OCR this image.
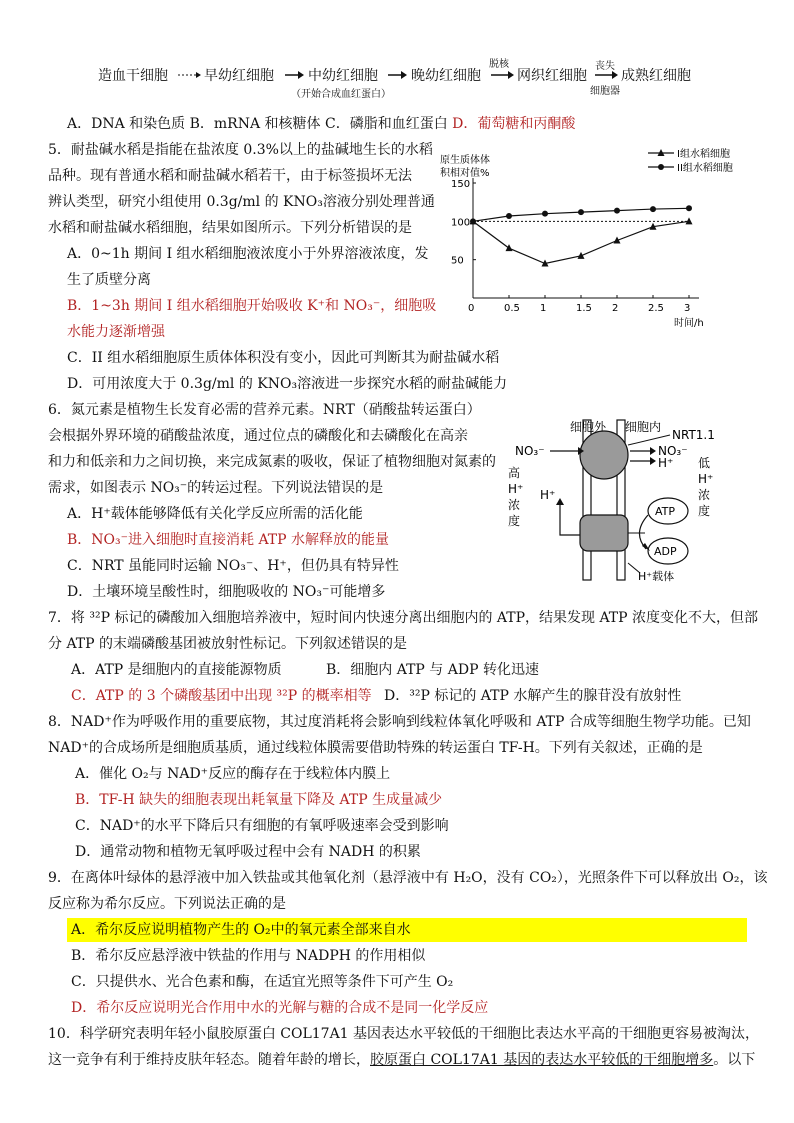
造血干细胞	早幼红细胞 中幼红细胞
（开始合成血红蛋白）
晚幼红细胞
脱核
网织红细胞
丧失
细胞器
成熟红细胞
A．DNA 和染色质 B．mRNA 和核糖体 C．磷脂和血红蛋白 D．葡萄糖和丙酮酸
5．耐盐碱水稻是指能在盐浓度 0.3%以上的盐碱地生长的水稻
品种。现有普通水稻和耐盐碱水稻若干，由于标签损坏无法
辨认类型，研究小组使用 0.3g/ml 的 KNO₃溶液分别处理普通
水稻和耐盐碱水稻细胞，结果如图所示。下列分析错误的是
A．0~1h 期间 I 组水稻细胞液浓度小于外界溶液浓度，发
生了质壁分离
B．1~3h 期间 I 组水稻细胞开始吸收 K⁺和 NO₃⁻，细胞吸
水能力逐渐增强
C．II 组水稻细胞原生质体体积没有变小，因此可判断其为耐盐碱水稻
D．可用浓度大于 0.3g/ml 的 KNO₃溶液进一步探究水稻的耐盐碱能力
原生质体体
积相对值%
0	0.5 1	1.5 2	2.5 3
50
100
150
时间/h
I组水稻细胞
II组水稻细胞
6．氮元素是植物生长发育必需的营养元素。NRT（硝酸盐转运蛋白）
会根据外界环境的硝酸盐浓度，通过位点的磷酸化和去磷酸化在高亲
和力和低亲和力之间切换，来完成氮素的吸收，保证了植物细胞对氮素的
需求，如图表示 NO₃⁻的转运过程。下列说法错误的是
A．H⁺载体能够降低有关化学反应所需的活化能
B．NO₃⁻进入细胞时直接消耗 ATP 水解释放的能量
C．NRT 虽能同时运输 NO₃⁻、H⁺，但仍具有特异性
D．土壤环境呈酸性时，细胞吸收的 NO₃⁻可能增多
细胞外 细胞内
NRT1.1
NO₃⁻	NO₃⁻
H⁺
高
H⁺
浓
度
低
H⁺
浓
度
H⁺
ATP
ADP
H⁺载体
7．将 ³²P 标记的磷酸加入细胞培养液中，短时间内快速分离出细胞内的 ATP，结果发现 ATP 浓度变化不大，但部
分 ATP 的末端磷酸基团被放射性标记。下列叙述错误的是
A．ATP 是细胞内的直接能源物质	B．细胞内 ATP 与 ADP 转化迅速
C．ATP 的 3 个磷酸基团中出现 ³²P 的概率相等 D．³²P 标记的 ATP 水解产生的腺苷没有放射性
8．NAD⁺作为呼吸作用的重要底物，其过度消耗将会影响到线粒体氧化呼吸和 ATP 合成等细胞生物学功能。已知
NAD⁺的合成场所是细胞质基质，通过线粒体膜需要借助特殊的转运蛋白 TF-H。下列有关叙述，正确的是
A．催化 O₂与 NAD⁺反应的酶存在于线粒体内膜上
B．TF-H 缺失的细胞表现出耗氧量下降及 ATP 生成量减少
C．NAD⁺的水平下降后只有细胞的有氧呼吸速率会受到影响
D．通常动物和植物无氧呼吸过程中会有 NADH 的积累
9．在离体叶绿体的悬浮液中加入铁盐或其他氧化剂（悬浮液中有 H₂O，没有 CO₂），光照条件下可以释放出 O₂，该
反应称为希尔反应。下列说法正确的是
A．希尔反应说明植物产生的 O₂中的氧元素全部来自水
B．希尔反应悬浮液中铁盐的作用与 NADPH 的作用相似
C．只提供水、光合色素和酶，在适宜光照等条件下可产生 O₂
D．希尔反应说明光合作用中水的光解与糖的合成不是同一化学反应
10．科学研究表明年轻小鼠胶原蛋白 COL17A1 基因表达水平较低的干细胞比表达水平高的干细胞更容易被淘汰，
这一竞争有利于维持皮肤年轻态。随着年龄的增长，胶原蛋白 COL17A1 基因的表达水平较低的干细胞增多。以下
